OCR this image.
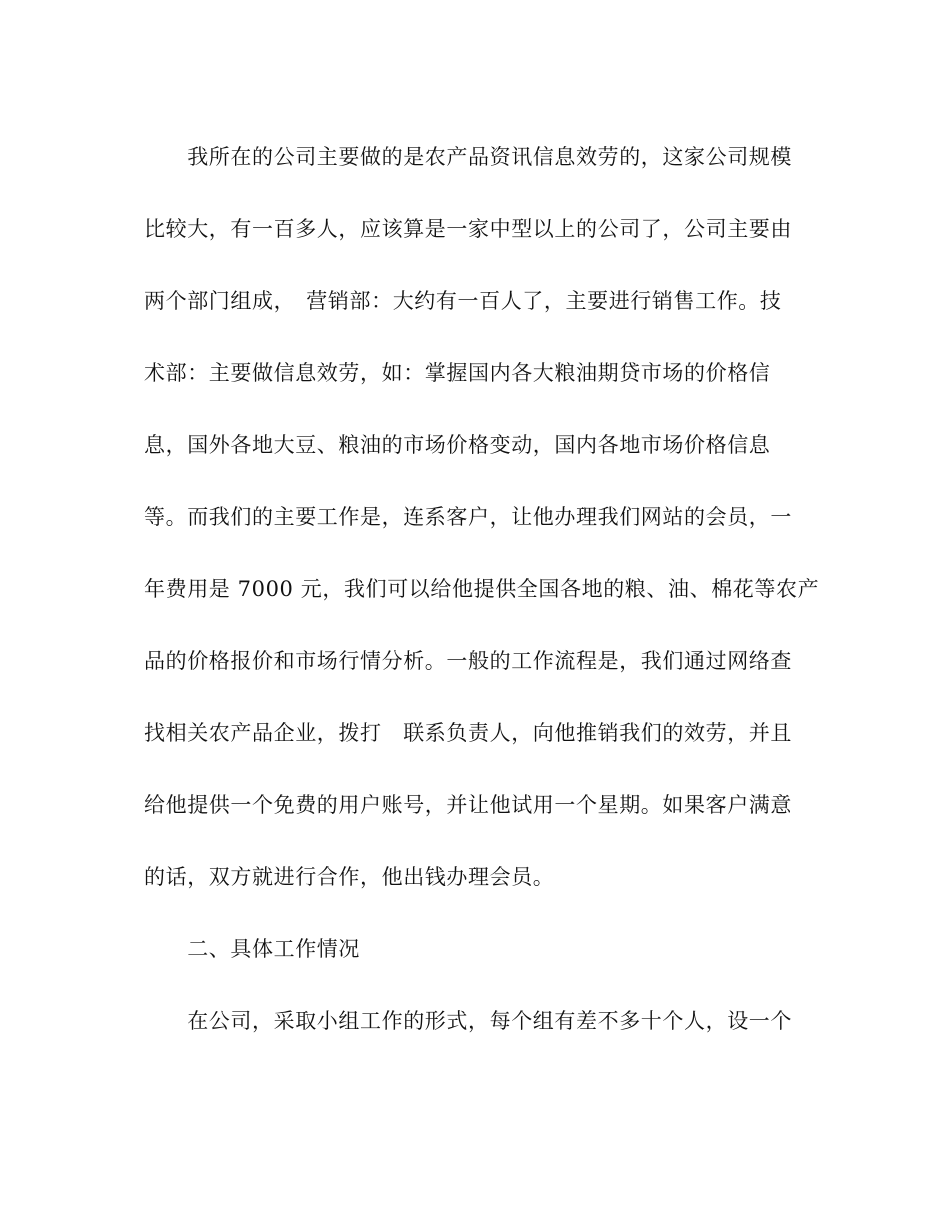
　　我所在的公司主要做的是农产品资讯信息效劳的，这家公司规模
比较大，有一百多人，应该算是一家中型以上的公司了，公司主要由
两个部门组成，　营销部：大约有一百人了，主要进行销售工作。技
术部：主要做信息效劳，如：掌握国内各大粮油期贷市场的价格信
息，国外各地大豆、粮油的市场价格变动，国内各地市场价格信息
等。而我们的主要工作是，连系客户，让他办理我们网站的会员，一
年费用是 7000 元，我们可以给他提供全国各地的粮、油、棉花等农产
品的价格报价和市场行情分析。一般的工作流程是，我们通过网络查
找相关农产品企业，拨打　联系负责人，向他推销我们的效劳，并且
给他提供一个免费的用户账号，并让他试用一个星期。如果客户满意
的话，双方就进行合作，他出钱办理会员。
　　二、具体工作情况
　　在公司，采取小组工作的形式，每个组有差不多十个人，设一个
